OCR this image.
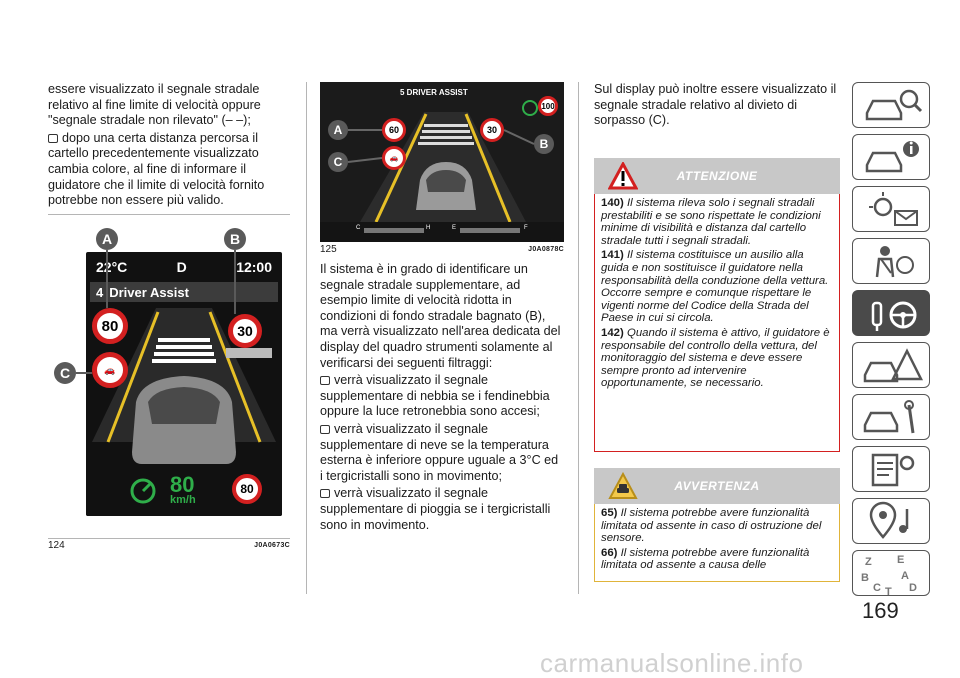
essere visualizzato il segnale stradale relativo al fine limite di velocità oppure "segnale stradale non rilevato" (– –);

dopo una certa distanza percorsa il cartello precedentemente visualizzato cambia colore, al fine di informare il guidatore che il limite di velocità fornito potrebbe non essere più valido.

22°C	D	12:00
4 Driver Assist
80
🚗
30
80
km/h
80
A	B
C
124	J0A0673C
5 DRIVER ASSIST
100
60
🚗
30
A
C
B
C	H	E	F
125	J0A0878C

Il sistema è in grado di identificare un segnale stradale supplementare, ad esempio limite di velocità ridotta in condizioni di fondo stradale bagnato (B), ma verrà visualizzato nell'area dedicata del display del quadro strumenti solamente al verificarsi dei seguenti filtraggi:

verrà visualizzato il segnale supplementare di nebbia se i fendinebbia oppure la luce retronebbia sono accesi;

verrà visualizzato il segnale supplementare di neve se la temperatura esterna è inferiore oppure uguale a 3°C ed i tergicristalli sono in movimento;

verrà visualizzato il segnale supplementare di pioggia se i tergicristalli sono in movimento.

Sul display può inoltre essere visualizzato il segnale stradale relativo al divieto di sorpasso (C).

ATTENZIONE

140) Il sistema rileva solo i segnali stradali prestabiliti e se sono rispettate le condizioni minime di visibilità e distanza dal cartello stradale tutti i segnali stradali.

141) Il sistema costituisce un ausilio alla guida e non sostituisce il guidatore nella responsabilità della conduzione della vettura. Occorre sempre e comunque rispettare le vigenti norme del Codice della Strada del Paese in cui si circola.

142) Quando il sistema è attivo, il guidatore è responsabile del controllo della vettura, del monitoraggio del sistema e deve essere sempre pronto ad intervenire opportunamente, se necessario.

AVVERTENZA

65) Il sistema potrebbe avere funzionalità limitata od assente in caso di ostruzione del sensore.

66) Il sistema potrebbe avere funzionalità limitata od assente a causa delle	Z E
B	A
C T D
169
carmanualsonline.info
